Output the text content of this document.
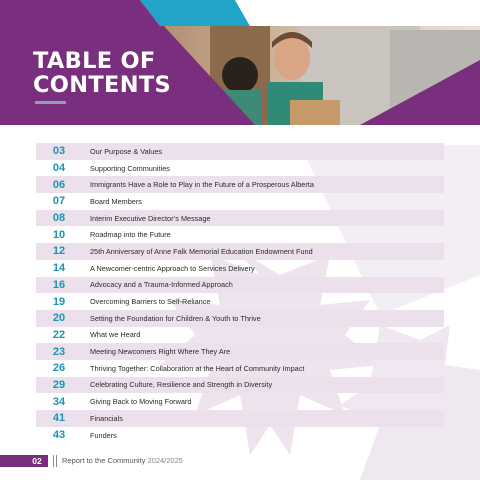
TABLE OF
CONTENTS
03	Our Purpose & Values
04	Supporting Communities
06	Immigrants Have a Role to Play in the Future of a Prosperous Alberta
07	Board Members
08	Interim Executive Director’s Message
10	Roadmap into the Future
12	25th Anniversary of Anne Falk Memorial Education Endowment Fund
14	A Newcomer-centric Approach to Services Delivery
16	Advocacy and a Trauma-Informed Approach
19	Overcoming Barriers to Self-Reliance
20	Setting the Foundation for Children & Youth to Thrive
22	What we Heard
23	Meeting Newcomers Right Where They Are
26	Thriving Together: Collaboration at the Heart of Community Impact
29	Celebrating Culture, Resilience and Strength in Diversity
34	Giving Back to Moving Forward
41	Financials
43	Funders
02	Report to the Community 2024/2025
